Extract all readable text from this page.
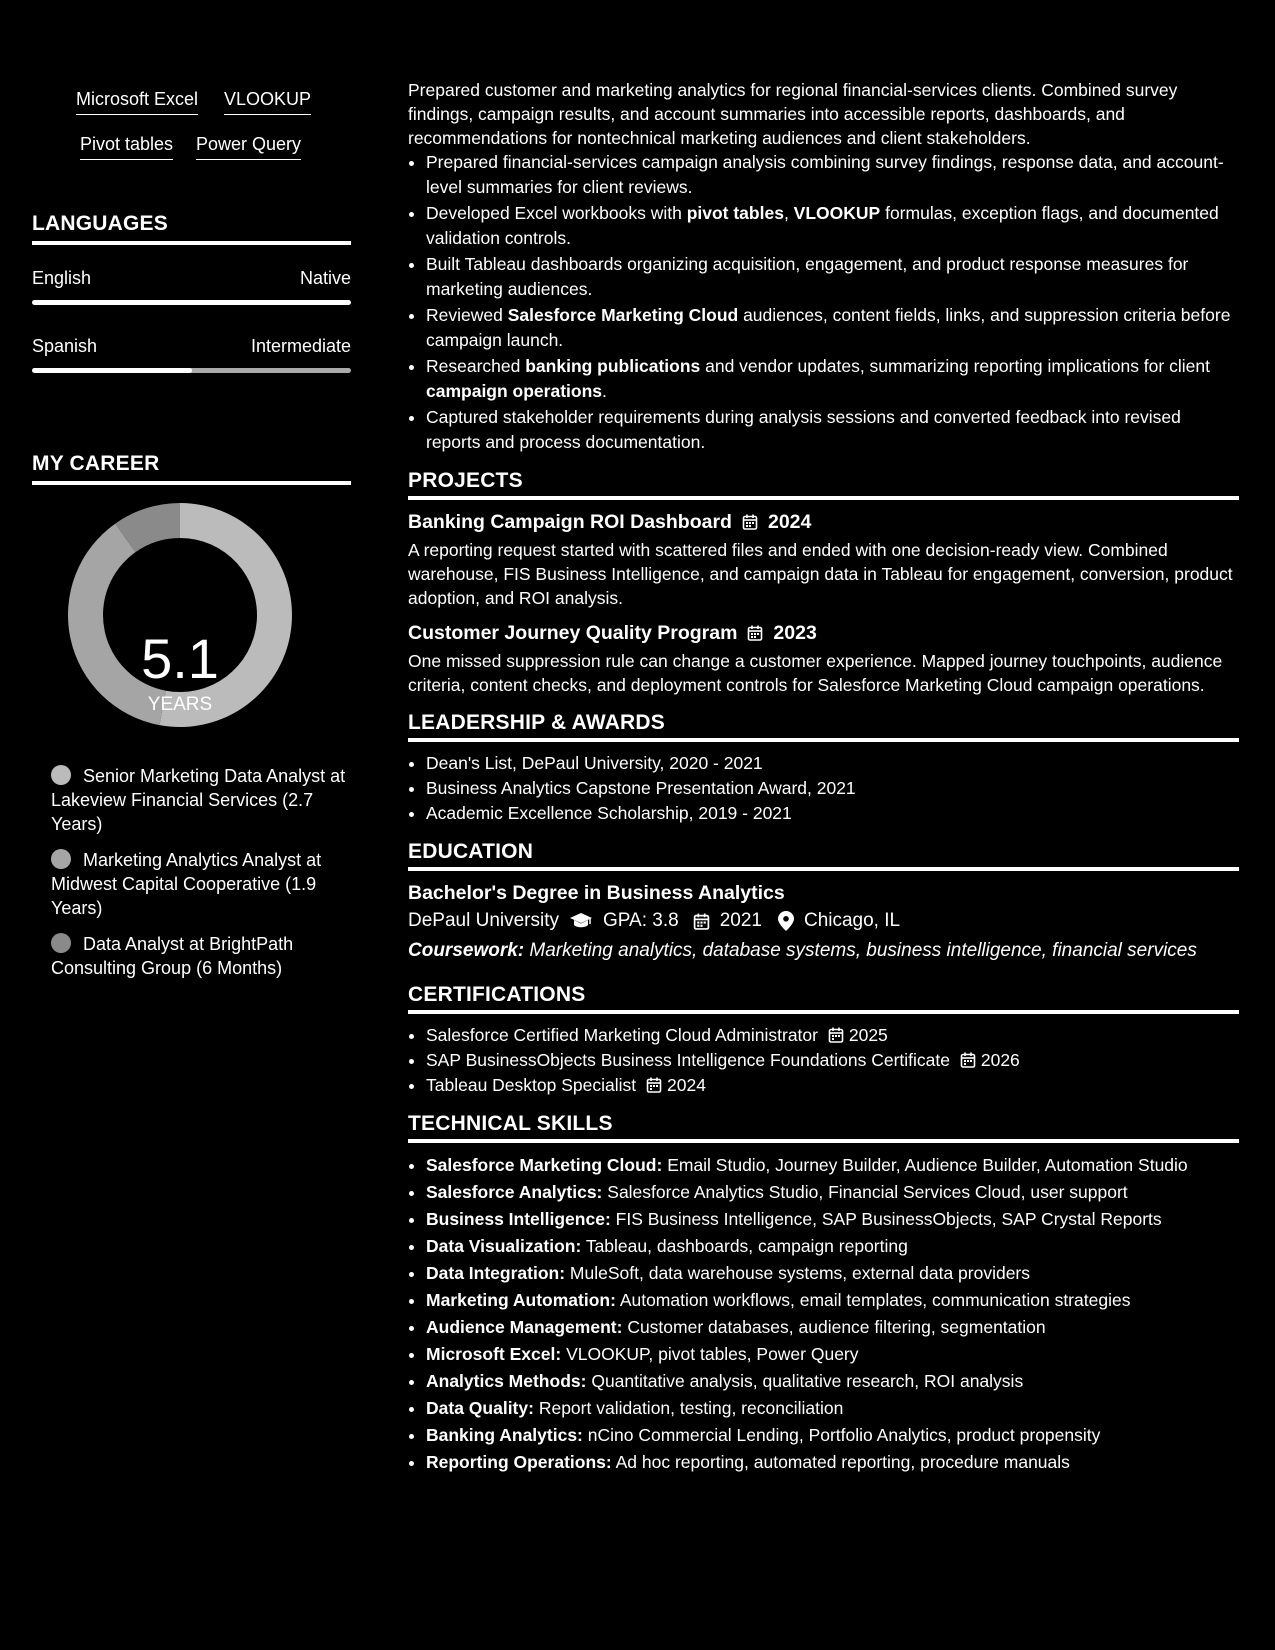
Microsoft Excel VLOOKUP
Pivot tables Power Query
LANGUAGES
English	Native
Spanish	Intermediate
MY CAREER
5.1
YEARS
Senior Marketing Data Analyst at Lakeview Financial Services (2.7 Years)
Marketing Analytics Analyst at Midwest Capital Cooperative (1.9 Years)
Data Analyst at BrightPath Consulting Group (6 Months)

Prepared customer and marketing analytics for regional financial-services clients. Combined survey findings, campaign results, and account summaries into accessible reports, dashboards, and recommendations for nontechnical marketing audiences and client stakeholders.

• Prepared financial-services campaign analysis combining survey findings, response data, and account-level summaries for client reviews.
• Developed Excel workbooks with pivot tables, VLOOKUP formulas, exception flags, and documented validation controls.
• Built Tableau dashboards organizing acquisition, engagement, and product response measures for marketing audiences.
• Reviewed Salesforce Marketing Cloud audiences, content fields, links, and suppression criteria before campaign launch.
• Researched banking publications and vendor updates, summarizing reporting implications for client campaign operations.
• Captured stakeholder requirements during analysis sessions and converted feedback into revised reports and process documentation.
PROJECTS
Banking Campaign ROI Dashboard 2024

A reporting request started with scattered files and ended with one decision-ready view. Combined warehouse, FIS Business Intelligence, and campaign data in Tableau for engagement, conversion, product adoption, and ROI analysis.

Customer Journey Quality Program 2023

One missed suppression rule can change a customer experience. Mapped journey touchpoints, audience criteria, content checks, and deployment controls for Salesforce Marketing Cloud campaign operations.

LEADERSHIP & AWARDS
• Dean's List, DePaul University, 2020 - 2021
• Business Analytics Capstone Presentation Award, 2021
• Academic Excellence Scholarship, 2019 - 2021
EDUCATION
Bachelor's Degree in Business Analytics
DePaul University GPA: 3.8 2021 Chicago, IL
Coursework: Marketing analytics, database systems, business intelligence, financial services
CERTIFICATIONS
• Salesforce Certified Marketing Cloud Administrator 2025
• SAP BusinessObjects Business Intelligence Foundations Certificate 2026
• Tableau Desktop Specialist 2024
TECHNICAL SKILLS
• Salesforce Marketing Cloud: Email Studio, Journey Builder, Audience Builder, Automation Studio
• Salesforce Analytics: Salesforce Analytics Studio, Financial Services Cloud, user support
• Business Intelligence: FIS Business Intelligence, SAP BusinessObjects, SAP Crystal Reports
• Data Visualization: Tableau, dashboards, campaign reporting
• Data Integration: MuleSoft, data warehouse systems, external data providers
• Marketing Automation: Automation workflows, email templates, communication strategies
• Audience Management: Customer databases, audience filtering, segmentation
• Microsoft Excel: VLOOKUP, pivot tables, Power Query
• Analytics Methods: Quantitative analysis, qualitative research, ROI analysis
• Data Quality: Report validation, testing, reconciliation
• Banking Analytics: nCino Commercial Lending, Portfolio Analytics, product propensity
• Reporting Operations: Ad hoc reporting, automated reporting, procedure manuals
